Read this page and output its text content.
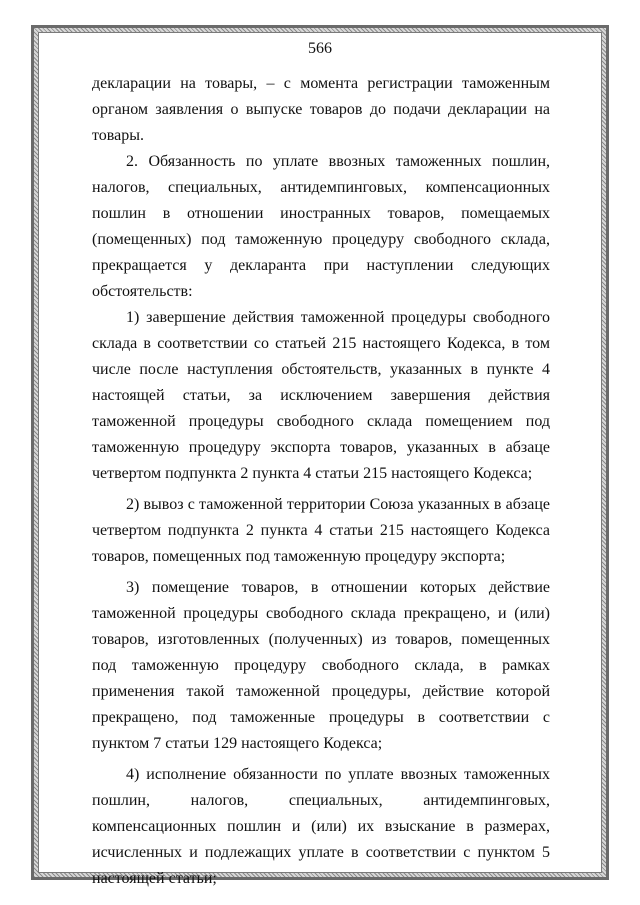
566

декларации на товары, – с момента регистрации таможенным органом заявления о выпуске товаров до подачи декларации на товары.

2. Обязанность по уплате ввозных таможенных пошлин, налогов, специальных, антидемпинговых, компенсационных пошлин в отношении иностранных товаров, помещаемых (помещенных) под таможенную процедуру свободного склада, прекращается у декларанта при наступлении следующих обстоятельств:

1) завершение действия таможенной процедуры свободного склада в соответствии со статьей 215 настоящего Кодекса, в том числе после наступления обстоятельств, указанных в пункте 4 настоящей статьи, за исключением завершения действия таможенной процедуры свободного склада помещением под таможенную процедуру экспорта товаров, указанных в абзаце четвертом подпункта 2 пункта 4 статьи 215 настоящего Кодекса;

2) вывоз с таможенной территории Союза указанных в абзаце четвертом подпункта 2 пункта 4 статьи 215 настоящего Кодекса товаров, помещенных под таможенную процедуру экспорта;

3) помещение товаров, в отношении которых действие таможенной процедуры свободного склада прекращено, и (или) товаров, изготовленных (полученных) из товаров, помещенных под таможенную процедуру свободного склада, в рамках применения такой таможенной процедуры, действие которой прекращено, под таможенные процедуры в соответствии с пунктом 7 статьи 129 настоящего Кодекса;

4) исполнение обязанности по уплате ввозных таможенных пошлин, налогов, специальных, антидемпинговых, компенсационных пошлин и (или) их взыскание в размерах, исчисленных и подлежащих уплате в соответствии с пунктом 5 настоящей статьи;
